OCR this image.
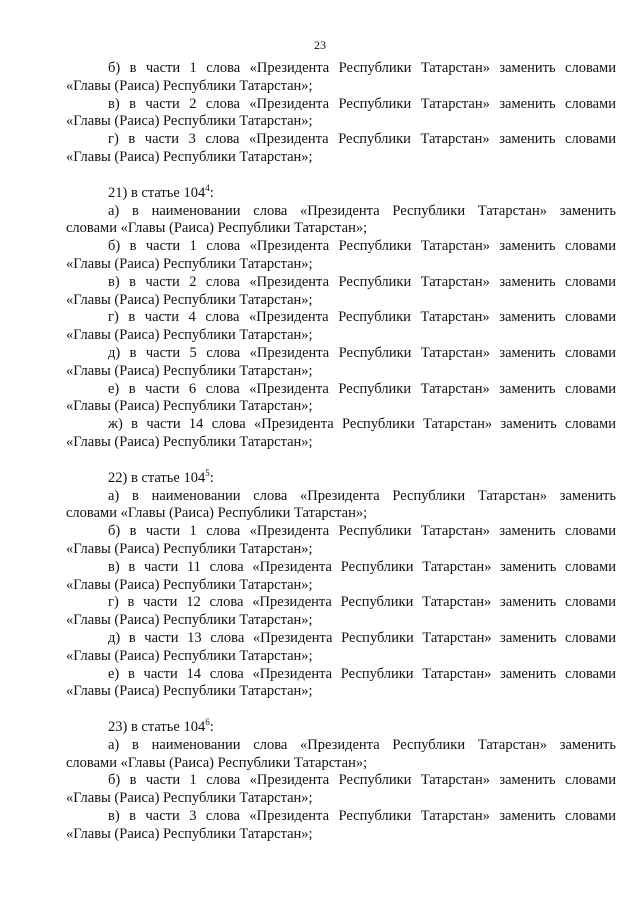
23
б) в части 1 слова «Президента Республики Татарстан» заменить словами
«Главы (Раиса) Республики Татарстан»;
в) в части 2 слова «Президента Республики Татарстан» заменить словами
«Главы (Раиса) Республики Татарстан»;
г) в части 3 слова «Президента Республики Татарстан» заменить словами
«Главы (Раиса) Республики Татарстан»;
21) в статье $104^4$:
а) в наименовании слова «Президента Республики Татарстан» заменить
словами «Главы (Раиса) Республики Татарстан»;
б) в части 1 слова «Президента Республики Татарстан» заменить словами
«Главы (Раиса) Республики Татарстан»;
в) в части 2 слова «Президента Республики Татарстан» заменить словами
«Главы (Раиса) Республики Татарстан»;
г) в части 4 слова «Президента Республики Татарстан» заменить словами
«Главы (Раиса) Республики Татарстан»;
д) в части 5 слова «Президента Республики Татарстан» заменить словами
«Главы (Раиса) Республики Татарстан»;
е) в части 6 слова «Президента Республики Татарстан» заменить словами
«Главы (Раиса) Республики Татарстан»;
ж) в части 14 слова «Президента Республики Татарстан» заменить словами
«Главы (Раиса) Республики Татарстан»;
22) в статье $104^5$:
а) в наименовании слова «Президента Республики Татарстан» заменить
словами «Главы (Раиса) Республики Татарстан»;
б) в части 1 слова «Президента Республики Татарстан» заменить словами
«Главы (Раиса) Республики Татарстан»;
в) в части 11 слова «Президента Республики Татарстан» заменить словами
«Главы (Раиса) Республики Татарстан»;
г) в части 12 слова «Президента Республики Татарстан» заменить словами
«Главы (Раиса) Республики Татарстан»;
д) в части 13 слова «Президента Республики Татарстан» заменить словами
«Главы (Раиса) Республики Татарстан»;
е) в части 14 слова «Президента Республики Татарстан» заменить словами
«Главы (Раиса) Республики Татарстан»;
23) в статье $104^6$:
а) в наименовании слова «Президента Республики Татарстан» заменить
словами «Главы (Раиса) Республики Татарстан»;
б) в части 1 слова «Президента Республики Татарстан» заменить словами
«Главы (Раиса) Республики Татарстан»;
в) в части 3 слова «Президента Республики Татарстан» заменить словами
«Главы (Раиса) Республики Татарстан»;
